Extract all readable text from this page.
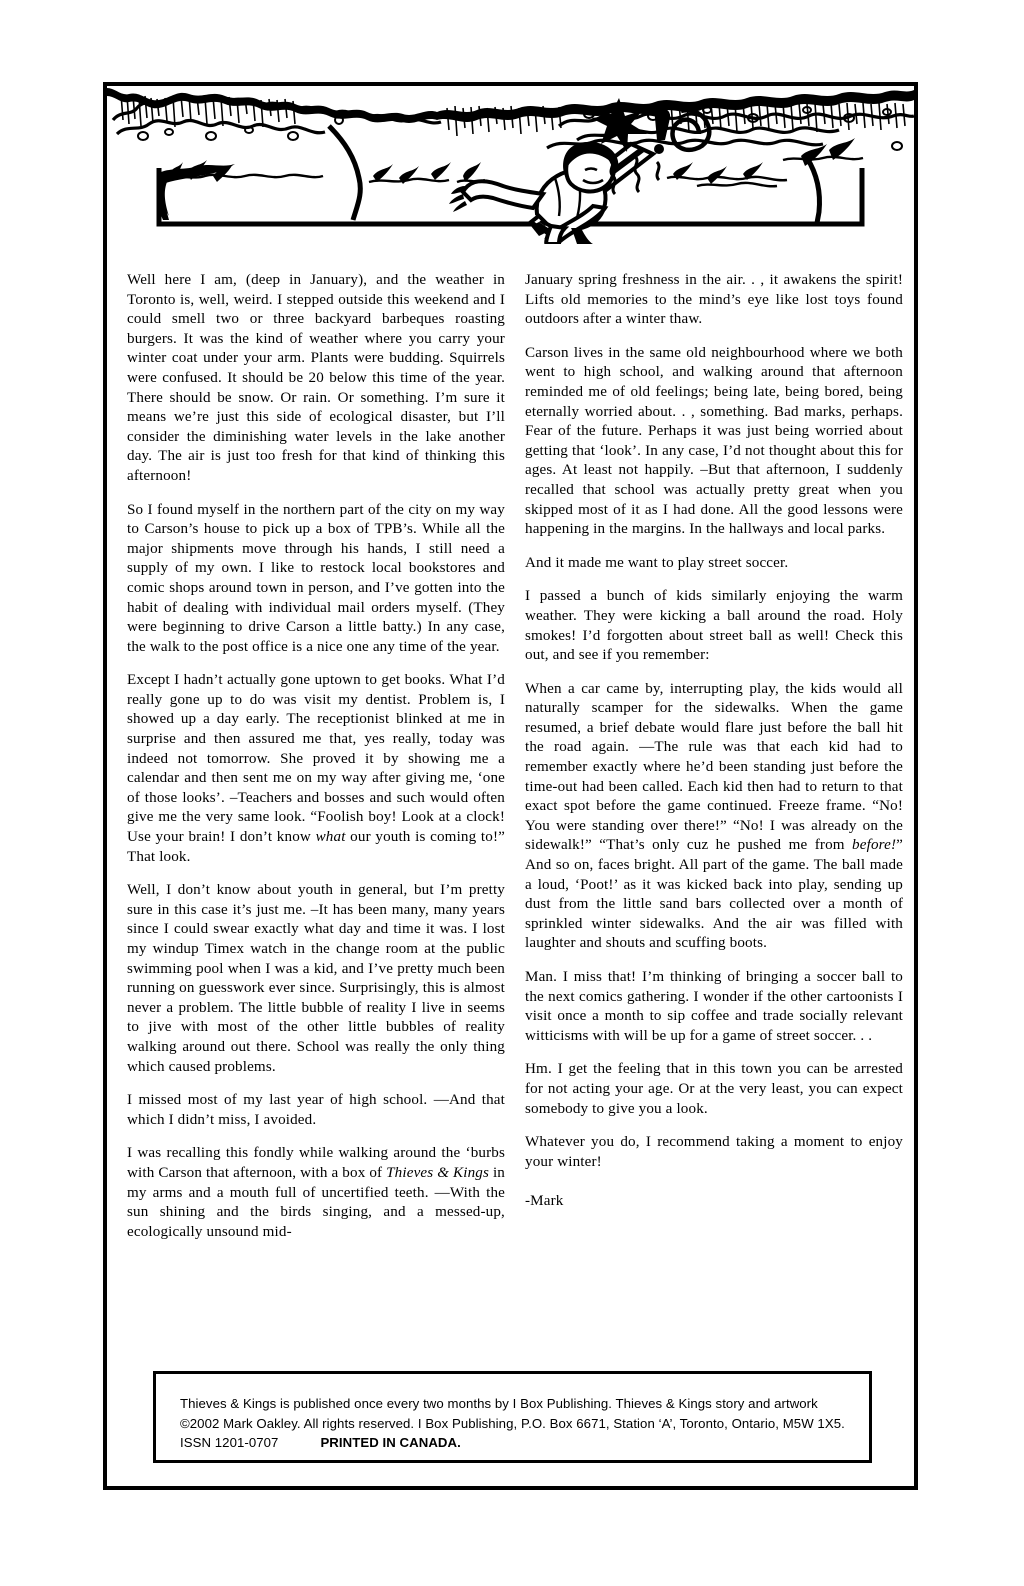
Well here I am, (deep in January), and the weather in Toronto is, well, weird. I stepped outside this weekend and I could smell two or three backyard barbeques roasting burgers. It was the kind of weather where you carry your winter coat under your arm. Plants were budding. Squirrels were confused. It should be 20 below this time of the year. There should be snow. Or rain. Or something. I’m sure it means we’re just this side of ecological disaster, but I’ll consider the diminishing water levels in the lake another day. The air is just too fresh for that kind of thinking this afternoon!

So I found myself in the northern part of the city on my way to Carson’s house to pick up a box of TPB’s. While all the major shipments move through his hands, I still need a supply of my own. I like to restock local bookstores and comic shops around town in person, and I’ve gotten into the habit of dealing with individual mail orders myself. (They were beginning to drive Carson a little batty.) In any case, the walk to the post office is a nice one any time of the year.

Except I hadn’t actually gone uptown to get books. What I’d really gone up to do was visit my dentist. Problem is, I showed up a day early. The receptionist blinked at me in surprise and then assured me that, yes really, today was indeed not tomorrow. She proved it by showing me a calendar and then sent me on my way after giving me, ‘one of those looks’. –Teachers and bosses and such would often give me the very same look. “Foolish boy! Look at a clock! Use your brain! I don’t know what our youth is coming to!” That look.

Well, I don’t know about youth in general, but I’m pretty sure in this case it’s just me. –It has been many, many years since I could swear exactly what day and time it was. I lost my windup Timex watch in the change room at the public swimming pool when I was a kid, and I’ve pretty much been running on guesswork ever since. Surprisingly, this is almost never a problem. The little bubble of reality I live in seems to jive with most of the other little bubbles of reality walking around out there. School was really the only thing which caused problems.

I missed most of my last year of high school. —And that which I didn’t miss, I avoided.

I was recalling this fondly while walking around the ‘burbs with Carson that afternoon, with a box of Thieves & Kings in my arms and a mouth full of uncertified teeth. —With the sun shining and the birds singing, and a messed-up, ecologically unsound mid-

January spring freshness in the air. . , it awakens the spirit! Lifts old memories to the mind’s eye like lost toys found outdoors after a winter thaw.

Carson lives in the same old neighbourhood where we both went to high school, and walking around that afternoon reminded me of old feelings; being late, being bored, being eternally worried about. . , something. Bad marks, perhaps. Fear of the future. Perhaps it was just being worried about getting that ‘look’. In any case, I’d not thought about this for ages. At least not happily. –But that afternoon, I suddenly recalled that school was actually pretty great when you skipped most of it as I had done. All the good lessons were happening in the margins. In the hallways and local parks.

And it made me want to play street soccer.

I passed a bunch of kids similarly enjoying the warm weather. They were kicking a ball around the road. Holy smokes! I’d forgotten about street ball as well! Check this out, and see if you remember:

When a car came by, interrupting play, the kids would all naturally scamper for the sidewalks. When the game resumed, a brief debate would flare just before the ball hit the road again. —The rule was that each kid had to remember exactly where he’d been standing just before the time-out had been called. Each kid then had to return to that exact spot before the game continued. Freeze frame. “No! You were standing over there!” “No! I was already on the sidewalk!” “That’s only cuz he pushed me from before!” And so on, faces bright. All part of the game. The ball made a loud, ‘Poot!’ as it was kicked back into play, sending up dust from the little sand bars collected over a month of sprinkled winter sidewalks. And the air was filled with laughter and shouts and scuffing boots.

Man. I miss that! I’m thinking of bringing a soccer ball to the next comics gathering. I wonder if the other cartoonists I visit once a month to sip coffee and trade socially relevant witticisms with will be up for a game of street soccer. . .

Hm. I get the feeling that in this town you can be arrested for not acting your age. Or at the very least, you can expect somebody to give you a look.

Whatever you do, I recommend taking a moment to enjoy your winter!

-Mark

Thieves & Kings is published once every two months by I Box Publishing. Thieves & Kings story and artwork ©2002 Mark Oakley. All rights reserved. I Box Publishing, P.O. Box 6671, Station ‘A’, Toronto, Ontario, M5W 1X5. ISSN 1201-0707	PRINTED IN CANADA.
